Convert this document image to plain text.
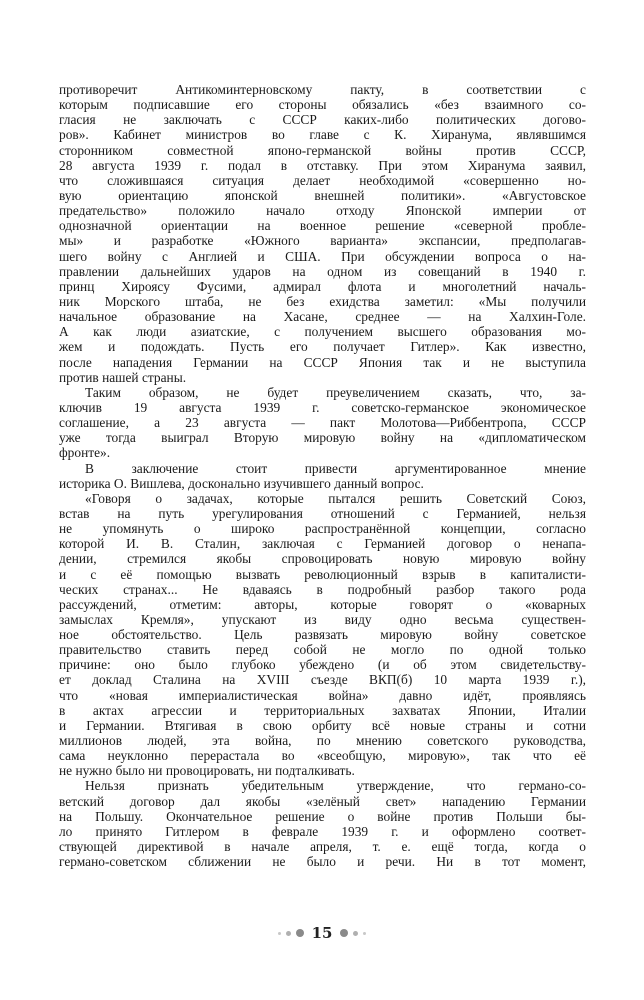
противоречит Антикоминтерновскому пакту, в соответствии с
которым подписавшие его стороны обязались «без взаимного со-
гласия не заключать с СССР каких-либо политических догово-
ров». Кабинет министров во главе с К. Хиранума, являвшимся
сторонником совместной японо-германской войны против СССР,
28 августа 1939 г. подал в отставку. При этом Хиранума заявил,
что сложившаяся ситуация делает необходимой «совершенно но-
вую ориентацию японской внешней политики». «Августовское
предательство» положило начало отходу Японской империи от
однозначной ориентации на военное решение «северной пробле-
мы» и разработке «Южного варианта» экспансии, предполагав-
шего войну с Англией и США. При обсуждении вопроса о на-
правлении дальнейших ударов на одном из совещаний в 1940 г.
принц Хироясу Фусими, адмирал флота и многолетний началь-
ник Морского штаба, не без ехидства заметил: «Мы получили
начальное образование на Хасане, среднее — на Халхин-Голе.
А как люди азиатские, с получением высшего образования мо-
жем и подождать. Пусть его получает Гитлер». Как известно,
после нападения Германии на СССР Япония так и не выступила
против нашей страны.
Таким образом, не будет преувеличением сказать, что, за-
ключив 19 августа 1939 г. советско-германское экономическое
соглашение, а 23 августа — пакт Молотова—Риббентропа, СССР
уже тогда выиграл Вторую мировую войну на «дипломатическом
фронте».
В заключение стоит привести аргументированное мнение
историка О. Вишлева, досконально изучившего данный вопрос.
«Говоря о задачах, которые пытался решить Советский Союз,
встав на путь урегулирования отношений с Германией, нельзя
не упомянуть о широко распространённой концепции, согласно
которой И. В. Сталин, заключая с Германией договор о ненапа-
дении, стремился якобы спровоцировать новую мировую войну
и с её помощью вызвать революционный взрыв в капиталисти-
ческих странах... Не вдаваясь в подробный разбор такого рода
рассуждений, отметим: авторы, которые говорят о «коварных
замыслах Кремля», упускают из виду одно весьма существен-
ное обстоятельство. Цель развязать мировую войну советское
правительство ставить перед собой не могло по одной только
причине: оно было глубоко убеждено (и об этом свидетельству-
ет доклад Сталина на XVIII съезде ВКП(б) 10 марта 1939 г.),
что «новая империалистическая война» давно идёт, проявляясь
в актах агрессии и территориальных захватах Японии, Италии
и Германии. Втягивая в свою орбиту всё новые страны и сотни
миллионов людей, эта война, по мнению советского руководства,
сама неуклонно перерастала во «всеобщую, мировую», так что её
не нужно было ни провоцировать, ни подталкивать.
Нельзя признать убедительным утверждение, что германо-со-
ветский договор дал якобы «зелёный свет» нападению Германии
на Польшу. Окончательное решение о войне против Польши бы-
ло принято Гитлером в феврале 1939 г. и оформлено соответ-
ствующей директивой в начале апреля, т. е. ещё тогда, когда о
германо-советском сближении не было и речи. Ни в тот момент,
15
